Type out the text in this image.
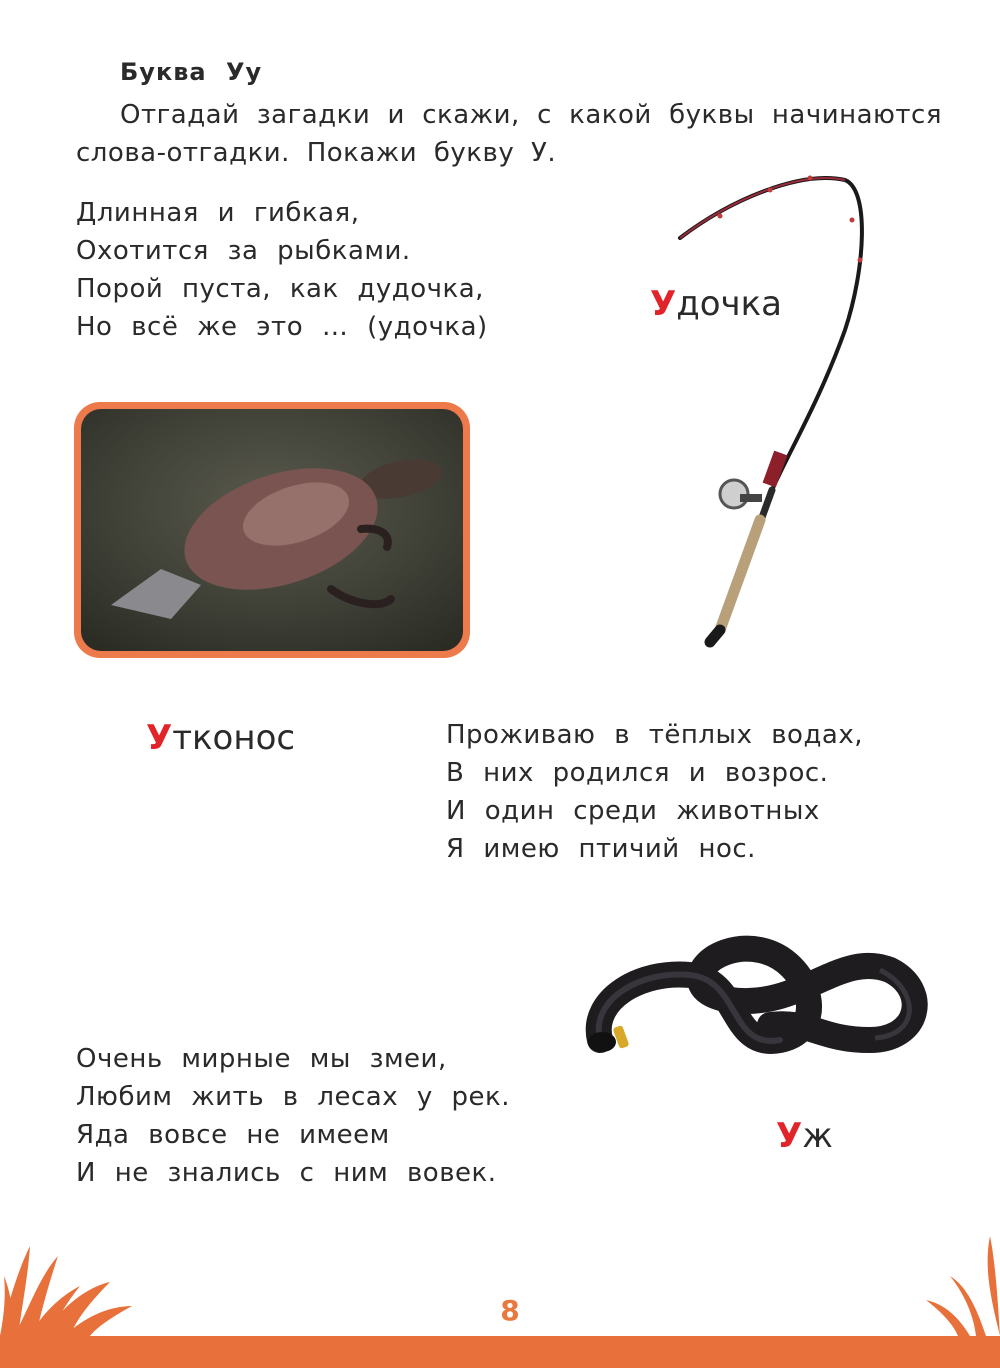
Буква Уу
Отгадай загадки и скажи, с какой буквы начинаются
слова-отгадки. Покажи букву У.
Длинная и гибкая,
Охотится за рыбками.
Порой пуста, как дудочка,
Но всё же это … (удочка)
Удочка
Утконос	Проживаю в тёплых водах,
В них родился и возрос.
И один среди животных
Я имею птичий нос.
Уж
Очень мирные мы змеи,
Любим жить в лесах у рек.
Яда вовсе не имеем
И не знались с ним вовек.
8
